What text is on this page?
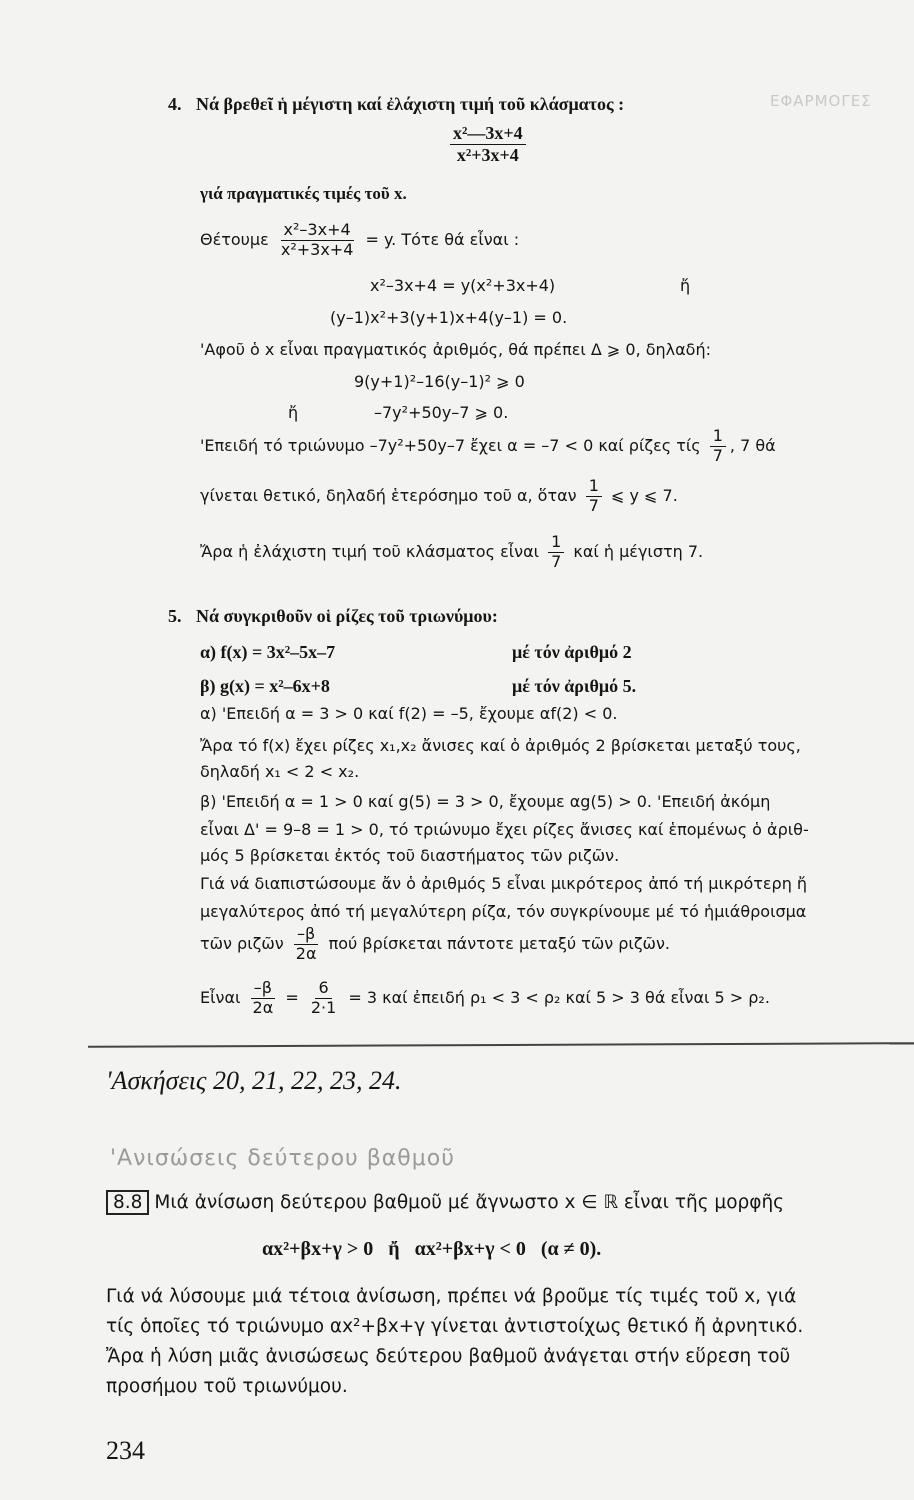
ΕΦΑΡΜΟΓΕΣ
4. Νά βρεθεῖ ἡ μέγιστη καί ἐλάχιστη τιμή τοῦ κλάσματος :
$\frac{\text{x²—3x+4}}{\text{x²+3x+4}}$
γιά πραγματικές τιμές τοῦ x.
Θέτουμε $\frac{\text{x²–3x+4}}{\text{x²+3x+4}} = y$. Τότε θά εἶναι :
x²–3x+4 = y(x²+3x+4)	ἤ
(y–1)x²+3(y+1)x+4(y–1) = 0.
'Αφοῦ ὁ x εἶναι πραγματικός ἀριθμός, θά πρέπει Δ ⩾ 0, δηλαδή:
9(y+1)²–16(y–1)² ⩾ 0
ἤ	–7y²+50y–7 ⩾ 0.
'Επειδή τό τριώνυμο –7y²+50y–7 ἔχει α = –7 < 0 καί ρίζες τίς $\frac{1}{7}$ , 7 θά
γίνεται θετικό, δηλαδή ἑτερόσημο τοῦ α, ὅταν $\frac{1}{7}$ ⩽ y ⩽ 7.
Ἄρα ἡ ἐλάχιστη τιμή τοῦ κλάσματος εἶναι $\frac{1}{7}$ καί ἡ μέγιστη 7.
5. Νά συγκριθοῦν οἱ ρίζες τοῦ τριωνύμου:
α) f(x) = 3x²–5x–7	μέ τόν ἀριθμό 2
β) g(x) = x²–6x+8	μέ τόν ἀριθμό 5.
α) 'Επειδή α = 3 > 0 καί f(2) = –5, ἔχουμε αf(2) < 0.
Ἄρα τό f(x) ἔχει ρίζες x₁,x₂ ἄνισες καί ὁ ἀριθμός 2 βρίσκεται μεταξύ τους,
δηλαδή x₁ < 2 < x₂.
β) 'Επειδή α = 1 > 0 καί g(5) = 3 > 0, ἔχουμε αg(5) > 0. 'Επειδή ἀκόμη
εἶναι Δ' = 9–8 = 1 > 0, τό τριώνυμο ἔχει ρίζες ἄνισες καί ἑπομένως ὁ ἀριθ-
μός 5 βρίσκεται ἐκτός τοῦ διαστήματος τῶν ριζῶν.
Γιά νά διαπιστώσουμε ἄν ὁ ἀριθμός 5 εἶναι μικρότερος ἀπό τή μικρότερη ἤ
μεγαλύτερος ἀπό τή μεγαλύτερη ρίζα, τόν συγκρίνουμε μέ τό ἡμιάθροισμα
τῶν ριζῶν $\frac{-\beta}{2\alpha}$ πού βρίσκεται πάντοτε μεταξύ τῶν ριζῶν.
Εἶναι $\frac{-\beta}{2\alpha} = \frac{6}{2\cdot 1} = 3$ καί ἐπειδή ρ₁ < 3 < ρ₂ καί 5 > 3 θά εἶναι 5 > ρ₂.
'Ασκήσεις 20, 21, 22, 23, 24.
'Ανισώσεις δεύτερου βαθμοῦ
8.8 Μιά ἀνίσωση δεύτερου βαθμοῦ μέ ἄγνωστο x ∈ ℝ εἶναι τῆς μορφῆς
αx²+βx+γ > 0   ἤ   αx²+βx+γ < 0   (α ≠ 0).
Γιά νά λύσουμε μιά τέτοια ἀνίσωση, πρέπει νά βροῦμε τίς τιμές τοῦ x, γιά
τίς ὁποῖες τό τριώνυμο αx²+βx+γ γίνεται ἀντιστοίχως θετικό ἤ ἀρνητικό.
Ἄρα ἡ λύση μιᾶς ἀνισώσεως δεύτερου βαθμοῦ ἀνάγεται στήν εὕρεση τοῦ
προσήμου τοῦ τριωνύμου.
234
